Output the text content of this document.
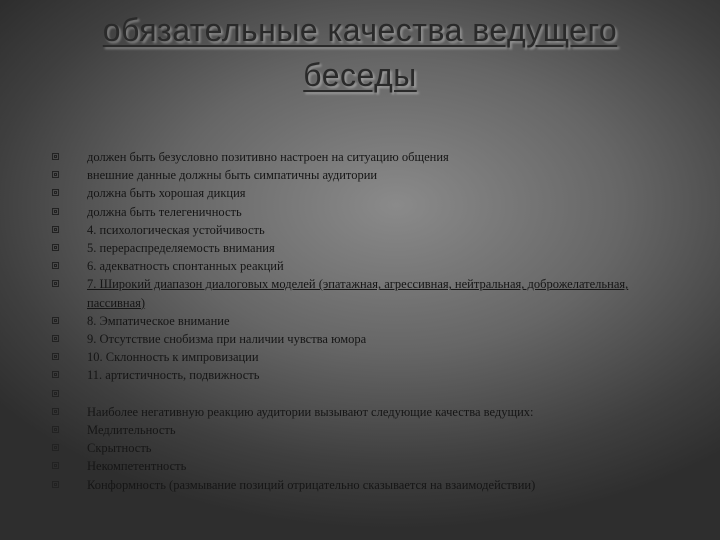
обязательные качества ведущего
беседы
должен быть безусловно позитивно настроен на ситуацию общения
внешние данные должны быть симпатичны аудитории
должна быть хорошая дикция
должна быть телегеничность
4. психологическая устойчивость
5. перераспределяемость внимания
6. адекватность спонтанных реакций
7. Широкий диапазон диалоговых моделей (эпатажная, агрессивная, нейтральная, доброжелательная, пассивная)
8. Эмпатическое внимание
9. Отсутствие снобизма при наличии чувства юмора
10. Склонность к импровизации
11. артистичность, подвижность
Наиболее негативную реакцию аудитории вызывают следующие качества ведущих:
Медлительность
Скрытность
Некомпетентность
Конформность (размывание позиций отрицательно сказывается на взаимодействии)
